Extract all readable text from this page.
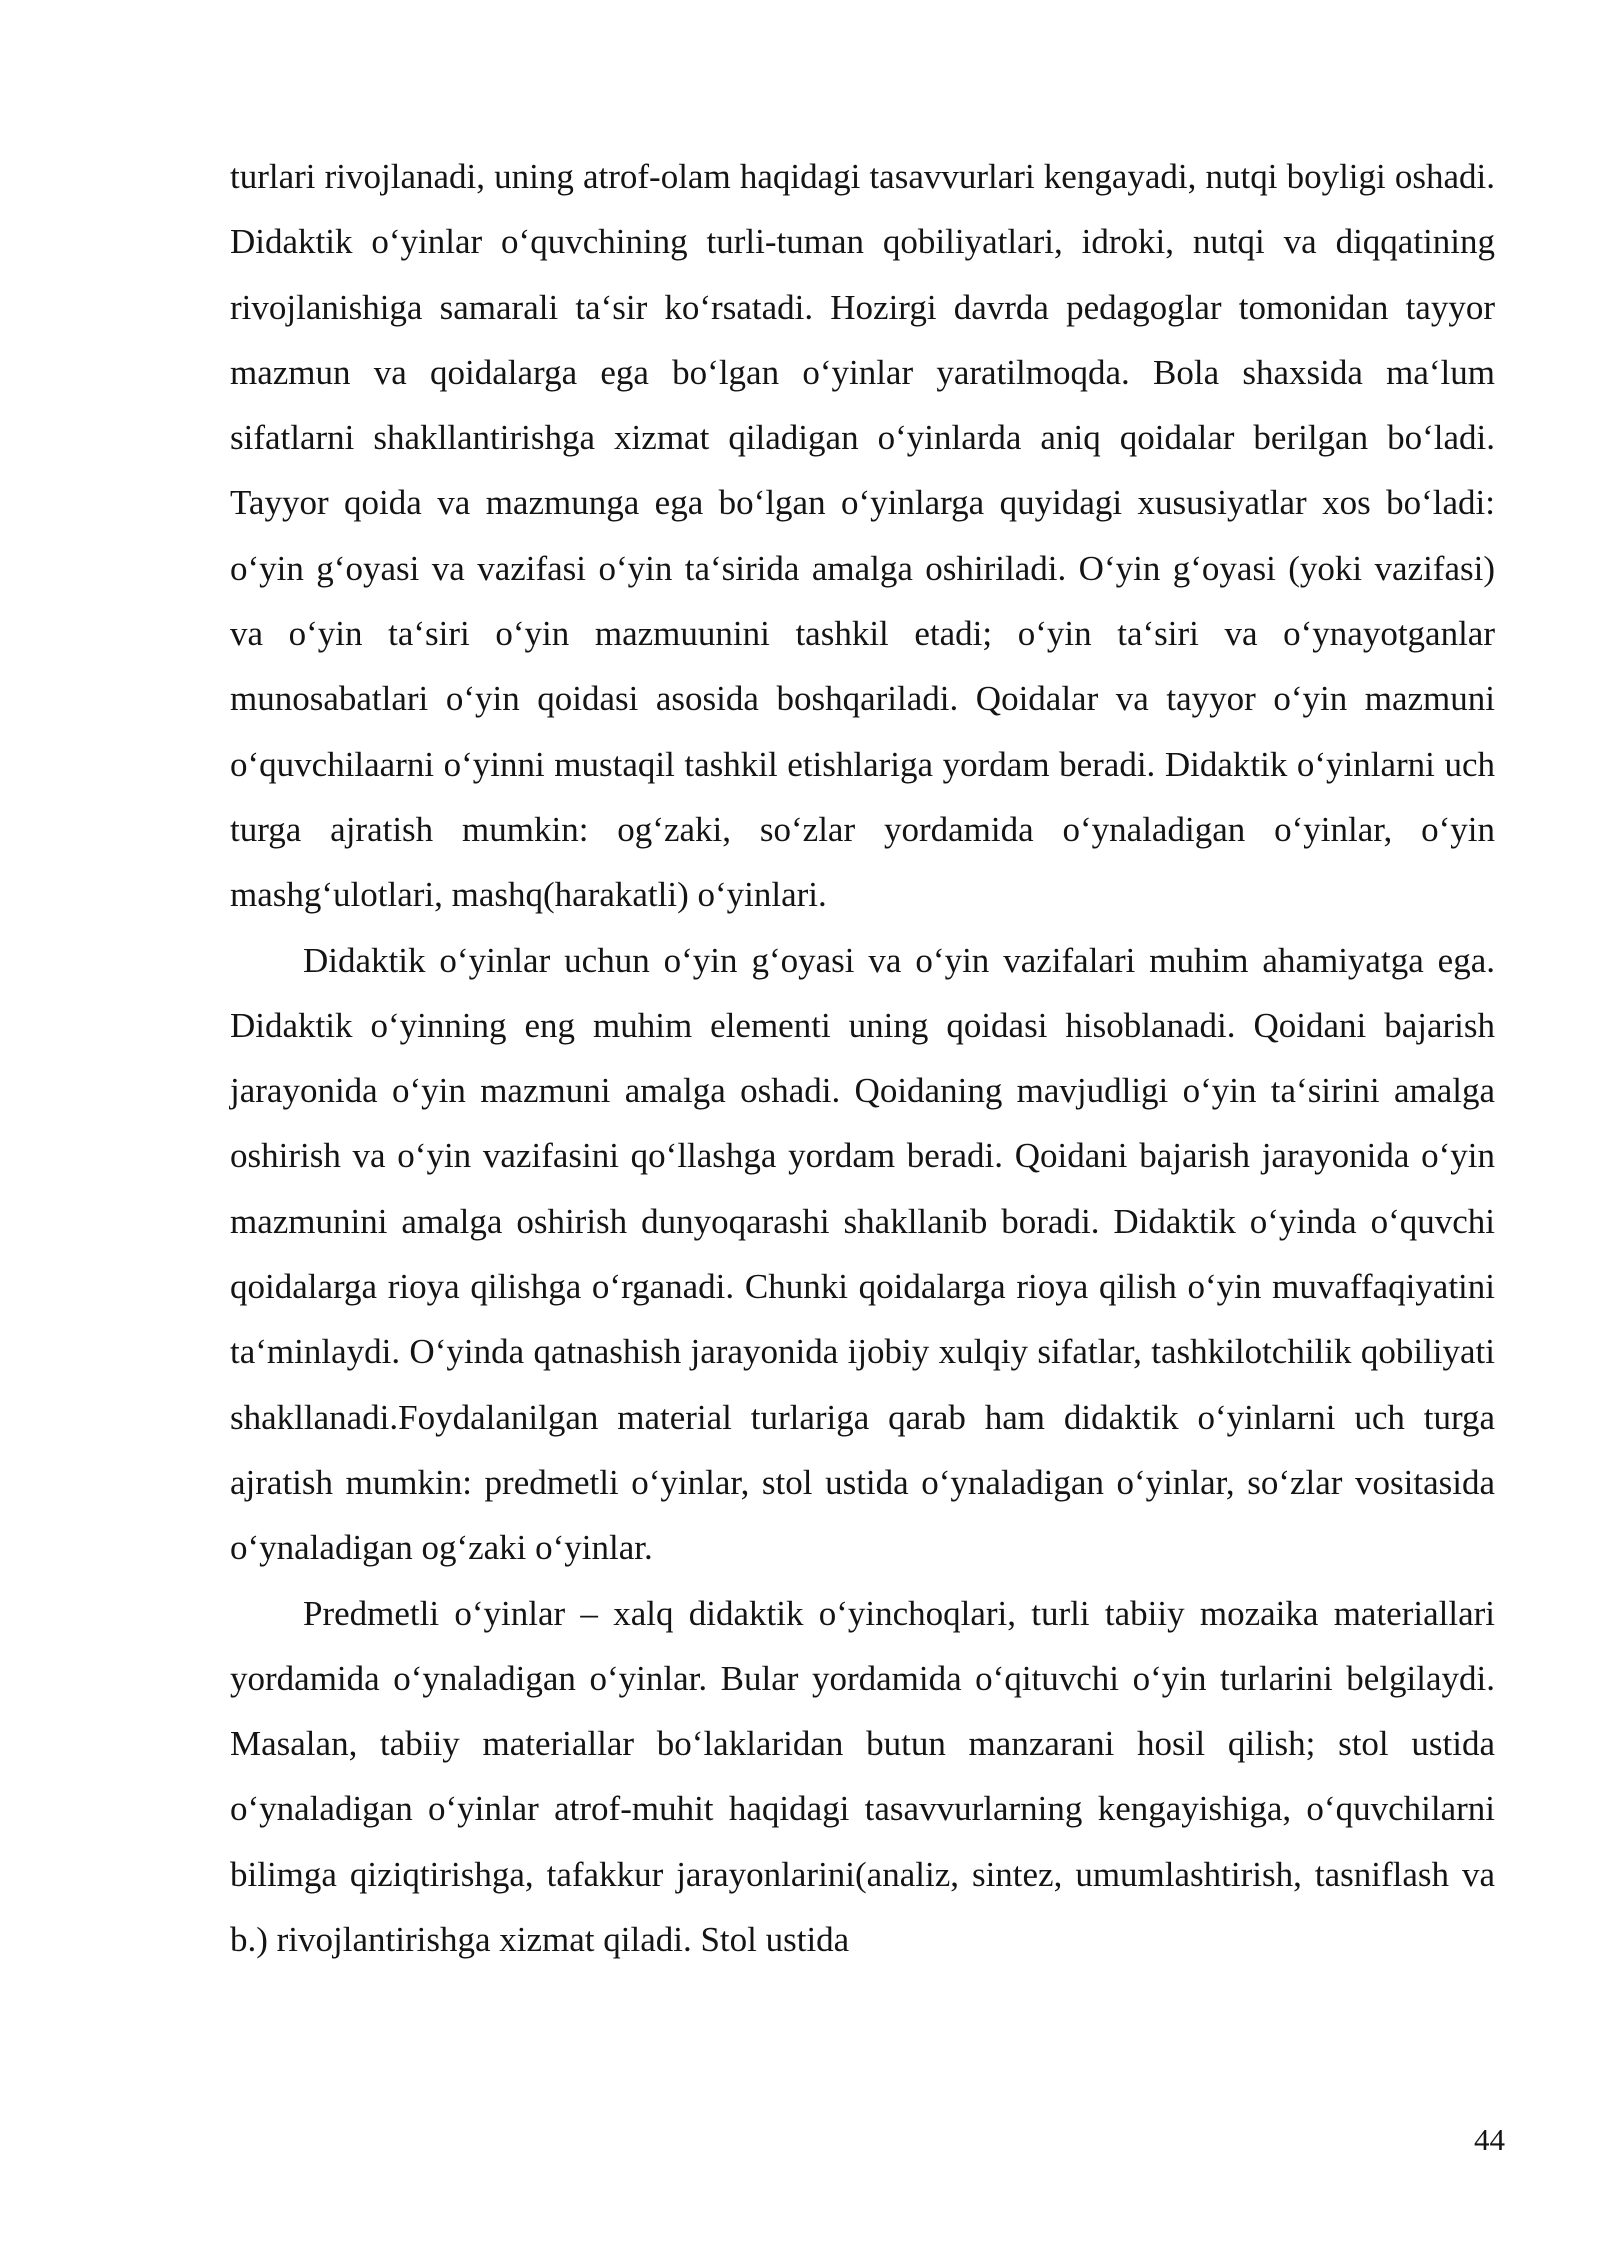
turlari rivojlanadi, uning atrof-olam haqidagi tasavvurlari kengayadi, nutqi boyligi oshadi. Didaktik o‘yinlar o‘quvchining turli-tuman qobiliyatlari, idroki, nutqi va diqqatining rivojlanishiga samarali ta‘sir ko‘rsatadi. Hozirgi davrda pedagoglar tomonidan tayyor mazmun va qoidalarga ega bo‘lgan o‘yinlar yaratilmoqda. Bola shaxsida ma‘lum sifatlarni shakllantirishga xizmat qiladigan o‘yinlarda aniq qoidalar berilgan bo‘ladi. Tayyor qoida va mazmunga ega bo‘lgan o‘yinlarga quyidagi xususiyatlar xos bo‘ladi: o‘yin g‘oyasi va vazifasi o‘yin ta‘sirida amalga oshiriladi. O‘yin g‘oyasi (yoki vazifasi) va o‘yin ta‘siri o‘yin mazmuunini tashkil etadi; o‘yin ta‘siri va o‘ynayotganlar munosabatlari o‘yin qoidasi asosida boshqariladi. Qoidalar va tayyor o‘yin mazmuni o‘quvchilaarni o‘yinni mustaqil tashkil etishlariga yordam beradi. Didaktik o‘yinlarni uch turga ajratish mumkin: og‘zaki, so‘zlar yordamida o‘ynaladigan o‘yinlar, o‘yin mashg‘ulotlari, mashq(harakatli) o‘yinlari.

Didaktik o‘yinlar uchun o‘yin g‘oyasi va o‘yin vazifalari muhim ahamiyatga ega. Didaktik o‘yinning eng muhim elementi uning qoidasi hisoblanadi. Qoidani bajarish jarayonida o‘yin mazmuni amalga oshadi. Qoidaning mavjudligi o‘yin ta‘sirini amalga oshirish va o‘yin vazifasini qo‘llashga yordam beradi. Qoidani bajarish jarayonida o‘yin mazmunini amalga oshirish dunyoqarashi shakllanib boradi. Didaktik o‘yinda o‘quvchi qoidalarga rioya qilishga o‘rganadi. Chunki qoidalarga rioya qilish o‘yin muvaffaqiyatini ta‘minlaydi. O‘yinda qatnashish jarayonida ijobiy xulqiy sifatlar, tashkilotchilik qobiliyati shakllanadi.Foydalanilgan material turlariga qarab ham didaktik o‘yinlarni uch turga ajratish mumkin: predmetli o‘yinlar, stol ustida o‘ynaladigan o‘yinlar, so‘zlar vositasida o‘ynaladigan og‘zaki o‘yinlar.

Predmetli o‘yinlar – xalq didaktik o‘yinchoqlari, turli tabiiy mozaika materiallari yordamida o‘ynaladigan o‘yinlar. Bular yordamida o‘qituvchi o‘yin turlarini belgilaydi. Masalan, tabiiy materiallar bo‘laklaridan butun manzarani hosil qilish; stol ustida o‘ynaladigan o‘yinlar atrof-muhit haqidagi tasavvurlarning kengayishiga, o‘quvchilarni bilimga qiziqtirishga, tafakkur jarayonlarini(analiz, sintez, umumlashtirish, tasniflash va b.) rivojlantirishga xizmat qiladi. Stol ustida

44
